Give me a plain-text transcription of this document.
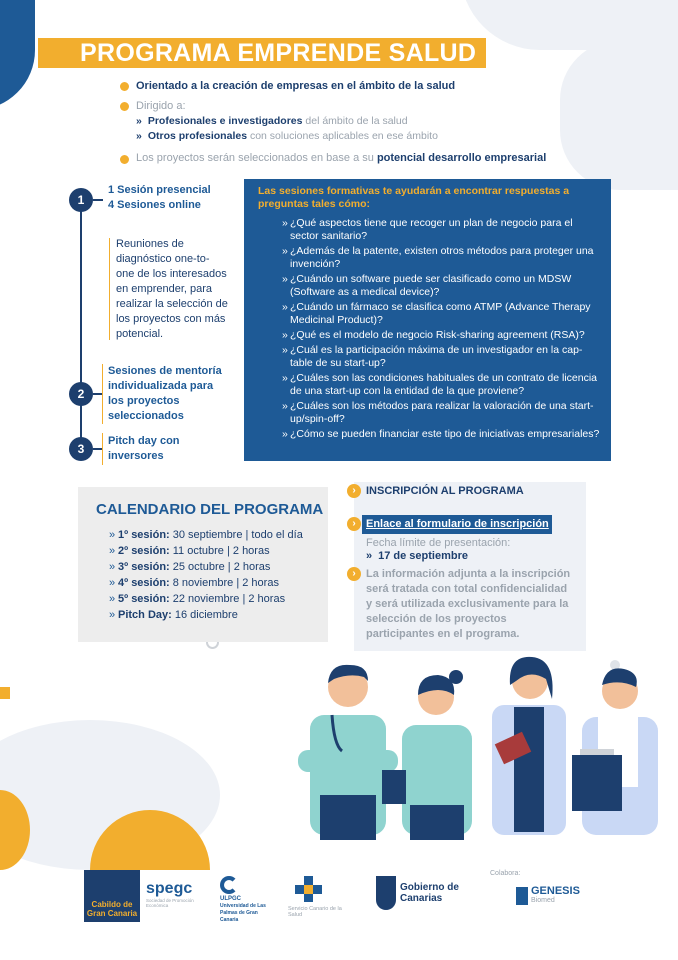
PROGRAMA EMPRENDE SALUD
Orientado a la creación de empresas en el ámbito de la salud
Dirigido a:
» Profesionales e investigadores del ámbito de la salud
» Otros profesionales con soluciones aplicables en ese ámbito
Los proyectos serán seleccionados en base a su potencial desarrollo empresarial
1
1 Sesión presencial
4 Sesiones online
Reuniones de diagnóstico one-to- one de los interesados en emprender, para realizar la selección de los proyectos con más potencial.
2
Sesiones de mentoría individualizada para los proyectos seleccionados
3
Pitch day con inversores
Las sesiones formativas te ayudarán a encontrar respuestas a preguntas tales cómo:
» ¿Qué aspectos tiene que recoger un plan de negocio para el sector sanitario?
» ¿Además de la patente, existen otros métodos para proteger una invención?
» ¿Cuándo un software puede ser clasificado como un MDSW (Software as a medical device)?
» ¿Cuándo un fármaco se clasifica como ATMP (Advance Therapy Medicinal Product)?
» ¿Qué es el modelo de negocio Risk-sharing agreement (RSA)?
» ¿Cuál es la participación máxima de un investigador en la cap-table de su start-up?
» ¿Cuáles son las condiciones habituales de un contrato de licencia de una start-up con la entidad de la que proviene?
» ¿Cuáles son los métodos para realizar la valoración de una start-up/spin-off?
» ¿Cómo se pueden financiar este tipo de iniciativas empresariales?
CALENDARIO DEL PROGRAMA
» 1º sesión: 30 septiembre | todo el día
» 2º sesión: 11 octubre | 2 horas
» 3º sesión: 25 octubre | 2 horas
» 4º sesión: 8 noviembre | 2 horas
» 5º sesión: 22 noviembre | 2 horas
» Pitch Day: 16 diciembre
› INSCRIPCIÓN AL PROGRAMA
› Enlace al formulario de inscripción
Fecha límite de presentación:
» 17 de septiembre
› La información adjunta a la inscripción será tratada con total confidencialidad y será utilizada exclusivamente para la selección de los proyectos participantes en el programa.
Cabildo de Gran Canaria
spegc
Sociedad de Promoción Económica
ULPGC
Universidad de Las Palmas de Gran Canaria
Servicio Canario de la Salud
Gobierno de Canarias
Colabora:
GENESIS
Biomed
